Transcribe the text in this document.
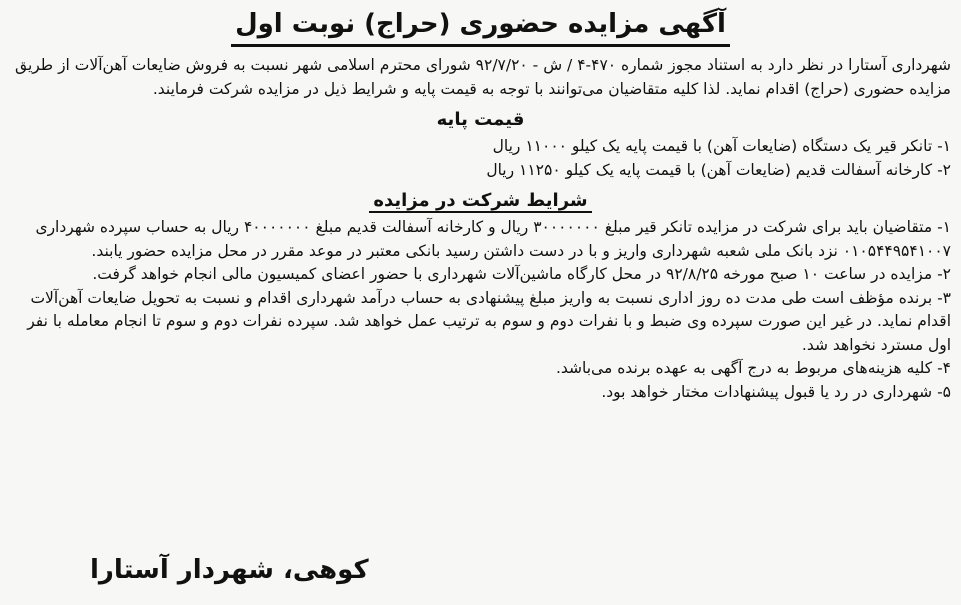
آگهی مزایده حضوری (حراج) نوبت اول

شهرداری آستارا در نظر دارد به استناد مجوز شماره ۴۷۰-۴ / ش - ۹۲/۷/۲۰ شورای محترم اسلامی شهر نسبت به فروش ضایعات آهن‌آلات از طریق مزایده حضوری (حراج) اقدام نماید. لذا کلیه متقاضیان می‌توانند با توجه به قیمت پایه و شرایط ذیل در مزایده شرکت فرمایند.

قیمت پایه
۱- تانکر قیر یک دستگاه (ضایعات آهن) با قیمت پایه یک کیلو ۱۱۰۰۰ ریال
۲- کارخانه آسفالت قدیم (ضایعات آهن) با قیمت پایه یک کیلو ۱۱۲۵۰ ریال
شرایط شرکت در مزایده
۱- متقاضیان باید برای شرکت در مزایده تانکر قیر مبلغ ۳۰۰۰۰۰۰۰ ریال و کارخانه آسفالت قدیم مبلغ ۴۰۰۰۰۰۰۰ ریال به حساب سپرده شهرداری ۰۱۰۵۴۴۹۵۴۱۰۰۷ نزد بانک ملی شعبه شهرداری واریز و با در دست داشتن رسید بانکی معتبر در موعد مقرر در محل مزایده حضور یابند.
۲- مزایده در ساعت ۱۰ صبح مورخه ۹۲/۸/۲۵ در محل کارگاه ماشین‌آلات شهرداری با حضور اعضای کمیسیون مالی انجام خواهد گرفت.
۳- برنده مؤظف است طی مدت ده روز اداری نسبت به واریز مبلغ پیشنهادی به حساب درآمد شهرداری اقدام و نسبت به تحویل ضایعات آهن‌آلات اقدام نماید. در غیر این صورت سپرده وی ضبط و با نفرات دوم و سوم به ترتیب عمل خواهد شد. سپرده نفرات دوم و سوم تا انجام معامله با نفر اول مسترد نخواهد شد.
۴- کلیه هزینه‌های مربوط به درج آگهی به عهده برنده می‌باشد.
۵- شهرداری در رد یا قبول پیشنهادات مختار خواهد بود.
کوهی، شهردار آستارا
